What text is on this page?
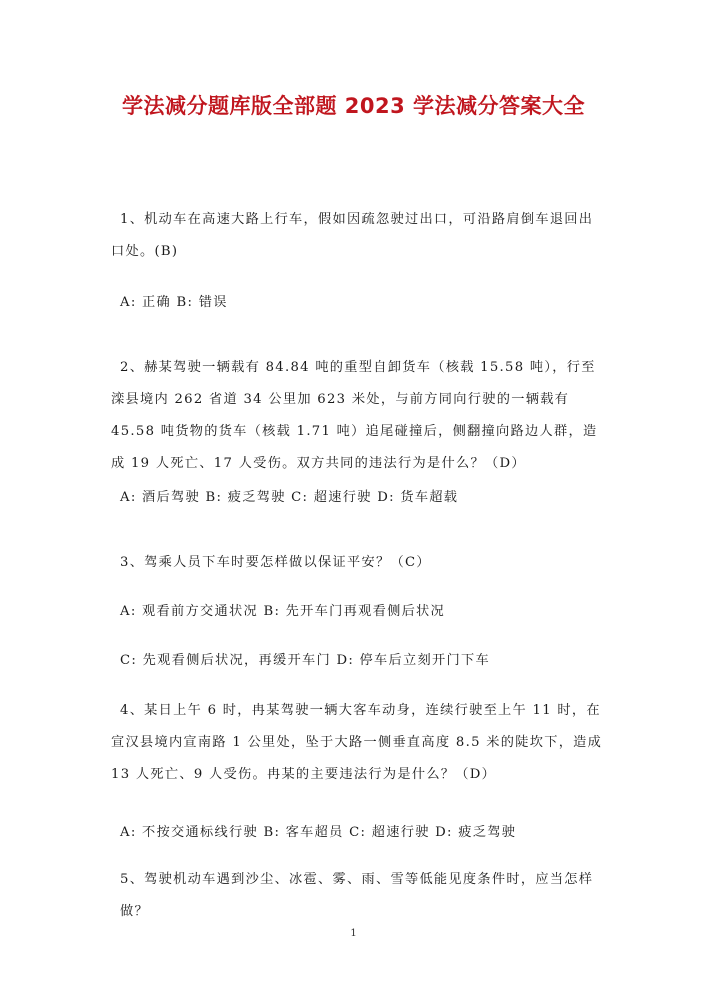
学法减分题库版全部题 2023 学法减分答案大全

1、机动车在高速大路上行车，假如因疏忽驶过出口，可沿路肩倒车退回出口处。(B)

A: 正确 B: 错误

2、赫某驾驶一辆载有 84.84 吨的重型自卸货车（核载 15.58 吨），行至滦县境内 262 省道 34 公里加 623 米处，与前方同向行驶的一辆载有 45.58 吨货物的货车（核载 1.71 吨）追尾碰撞后，侧翻撞向路边人群，造成 19 人死亡、17 人受伤。双方共同的违法行为是什么？（D）

A: 酒后驾驶 B: 疲乏驾驶 C: 超速行驶 D: 货车超载

3、驾乘人员下车时要怎样做以保证平安？（C）

A: 观看前方交通状况 B: 先开车门再观看侧后状况

C: 先观看侧后状况，再缓开车门 D: 停车后立刻开门下车

4、某日上午 6 时，冉某驾驶一辆大客车动身，连续行驶至上午 11 时，在宣汉县境内宣南路 1 公里处，坠于大路一侧垂直高度 8.5 米的陡坎下，造成 13 人死亡、9 人受伤。冉某的主要违法行为是什么？（D）

A: 不按交通标线行驶 B: 客车超员 C: 超速行驶 D: 疲乏驾驶

5、驾驶机动车遇到沙尘、冰雹、雾、雨、雪等低能见度条件时，应当怎样做？

1
